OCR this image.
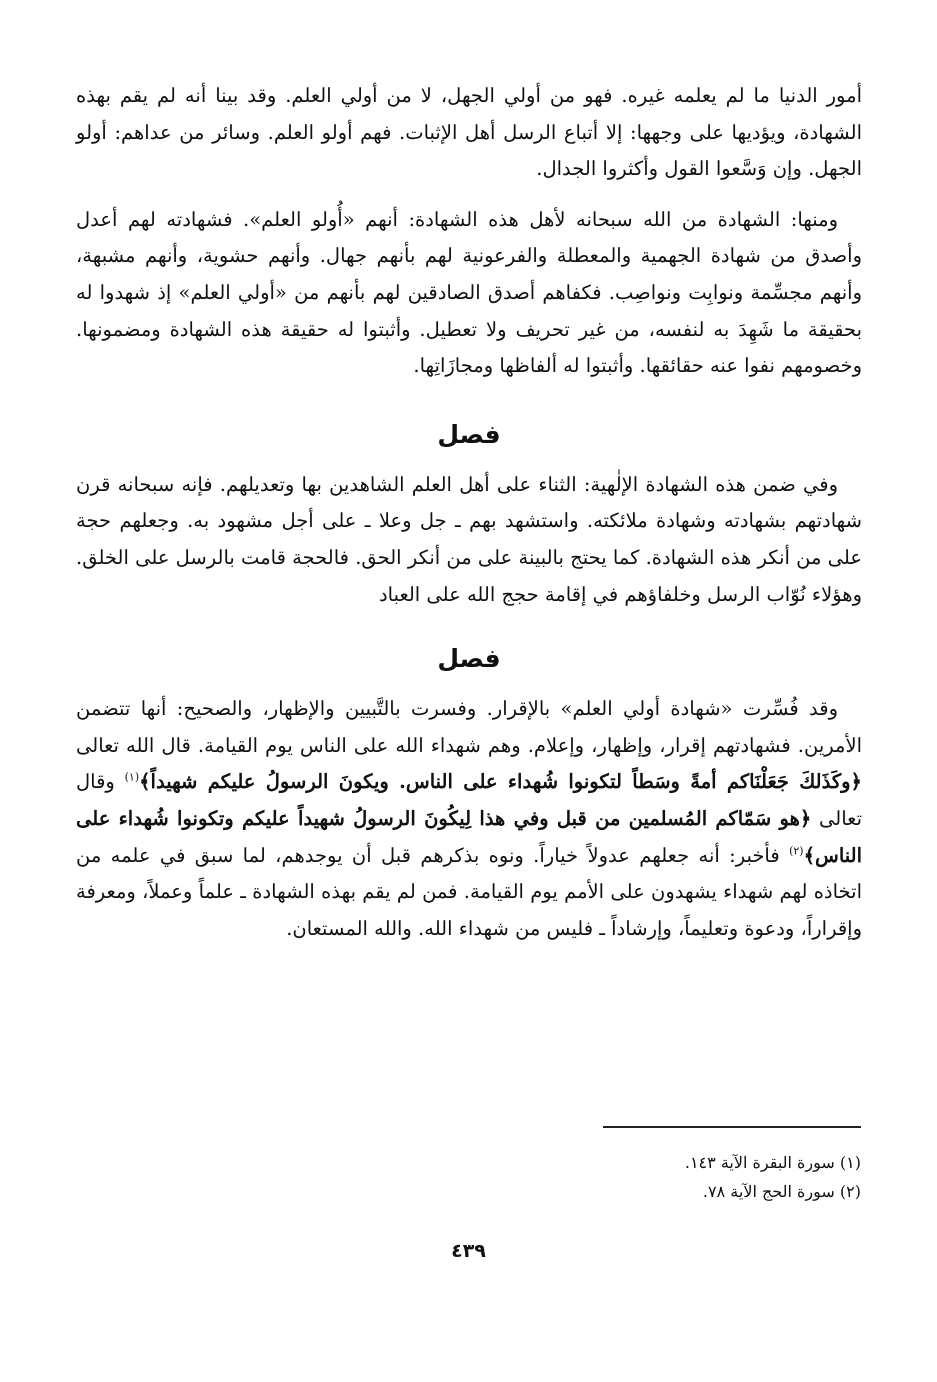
أمور الدنيا ما لم يعلمه غيره. فهو من أولي الجهل، لا من أولي العلم. وقد بينا أنه لم يقم بهذه الشهادة، ويؤديها على وجهها: إلا أتباع الرسل أهل الإثبات. فهم أولو العلم. وسائر من عداهم: أولو الجهل. وإن وَسَّعوا القول وأكثروا الجدال.

ومنها: الشهادة من الله سبحانه لأهل هذه الشهادة: أنهم «أُولو العلم». فشهادته لهم أعدل وأصدق من شهادة الجهمية والمعطلة والفرعونية لهم بأنهم جهال. وأنهم حشوية، وأنهم مشبهة، وأنهم مجسِّمة ونوابِت ونواصِب. فكفاهم أصدق الصادقين لهم بأنهم من «أولي العلم» إذ شهدوا له بحقيقة ما شَهِدَ به لنفسه، من غير تحريف ولا تعطيل. وأثبتوا له حقيقة هذه الشهادة ومضمونها. وخصومهم نفوا عنه حقائقها. وأثبتوا له ألفاظها ومجازَاتِها.

فصل

وفي ضمن هذه الشهادة الإلٰهية: الثناء على أهل العلم الشاهدين بها وتعديلهم. فإنه سبحانه قرن شهادتهم بشهادته وشهادة ملائكته. واستشهد بهم ـ جل وعلا ـ على أجل مشهود به. وجعلهم حجة على من أنكر هذه الشهادة. كما يحتج بالبينة على من أنكر الحق. فالحجة قامت بالرسل على الخلق. وهؤلاء نُوّاب الرسل وخلفاؤهم في إقامة حجج الله على العباد

فصل

وقد فُسِّرت «شهادة أولي العلم» بالإقرار. وفسرت بالتَّبيين والإظهار، والصحيح: أنها تتضمن الأمرين. فشهادتهم إقرار، وإظهار، وإعلام. وهم شهداء الله على الناس يوم القيامة. قال الله تعالى ﴿وكَذَلكَ جَعَلْنَاكم أمةً وسَطاً لتكونوا شُهداء على الناس. ويكونَ الرسولُ عليكم شهيداً﴾$^{(١)}$ وقال تعالى ﴿هو سَمّاكم المُسلمين من قبل وفي هذا لِيكُونَ الرسولُ شهيداً عليكم وتكونوا شُهداء على الناس﴾$^{(٢)}$ فأخبر: أنه جعلهم عدولاً خياراً. ونوه بذكرهم قبل أن يوجدهم، لما سبق في علمه من اتخاذه لهم شهداء يشهدون على الأمم يوم القيامة. فمن لم يقم بهذه الشهادة ـ علماً وعملاً، ومعرفة وإقراراً، ودعوة وتعليماً، وإرشاداً ـ فليس من شهداء الله. والله المستعان.

(١) سورة البقرة الآية ١٤٣.

(٢) سورة الحج الآية ٧٨.

٤٣٩
